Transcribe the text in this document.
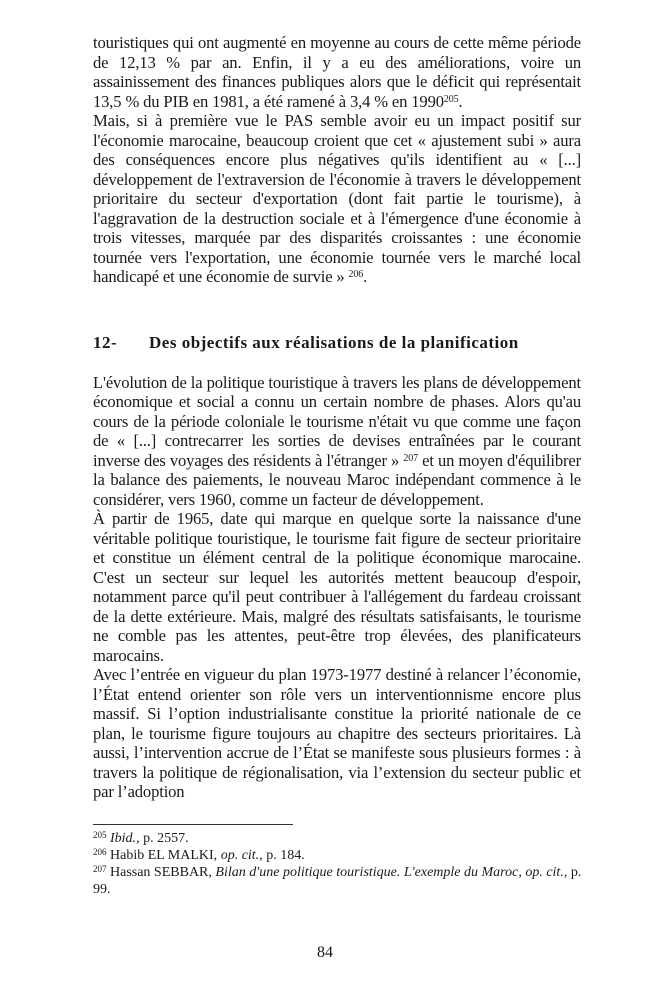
touristiques qui ont augmenté en moyenne au cours de cette même période de 12,13 % par an. Enfin, il y a eu des améliorations, voire un assainissement des finances publiques alors que le déficit qui représentait 13,5 % du PIB en 1981, a été ramené à 3,4 % en 1990$^{205}$.

Mais, si à première vue le PAS semble avoir eu un impact positif sur l'économie marocaine, beaucoup croient que cet « ajustement subi » aura des conséquences encore plus négatives qu'ils identifient au « [...] développement de l'extraversion de l'économie à travers le développement prioritaire du secteur d'exportation (dont fait partie le tourisme), à l'aggravation de la destruction sociale et à l'émergence d'une économie à trois vitesses, marquée par des disparités croissantes : une économie tournée vers l'exportation, une économie tournée vers le marché local handicapé et une économie de survie » $^{206}$.

12-	Des objectifs aux réalisations de la planification

L'évolution de la politique touristique à travers les plans de développement économique et social a connu un certain nombre de phases. Alors qu'au cours de la période coloniale le tourisme n'était vu que comme une façon de « [...] contrecarrer les sorties de devises entraînées par le courant inverse des voyages des résidents à l'étranger » $^{207}$ et un moyen d'équilibrer la balance des paiements, le nouveau Maroc indépendant commence à le considérer, vers 1960, comme un facteur de développement.

À partir de 1965, date qui marque en quelque sorte la naissance d'une véritable politique touristique, le tourisme fait figure de secteur prioritaire et constitue un élément central de la politique économique marocaine. C'est un secteur sur lequel les autorités mettent beaucoup d'espoir, notamment parce qu'il peut contribuer à l'allégement du fardeau croissant de la dette extérieure. Mais, malgré des résultats satisfaisants, le tourisme ne comble pas les attentes, peut-être trop élevées, des planificateurs marocains.

Avec l’entrée en vigueur du plan 1973-1977 destiné à relancer l’économie, l’État entend orienter son rôle vers un interventionnisme encore plus massif. Si l’option industrialisante constitue la priorité nationale de ce plan, le tourisme figure toujours au chapitre des secteurs prioritaires. Là aussi, l’intervention accrue de l’État se manifeste sous plusieurs formes : à travers la politique de régionalisation, via l’extension du secteur public et par l’adoption

$^{205}$ Ibid., p. 2557.

$^{206}$ Habib EL MALKI, op. cit., p. 184.

$^{207}$ Hassan SEBBAR, Bilan d'une politique touristique. L'exemple du Maroc, op. cit., p. 99.

84
